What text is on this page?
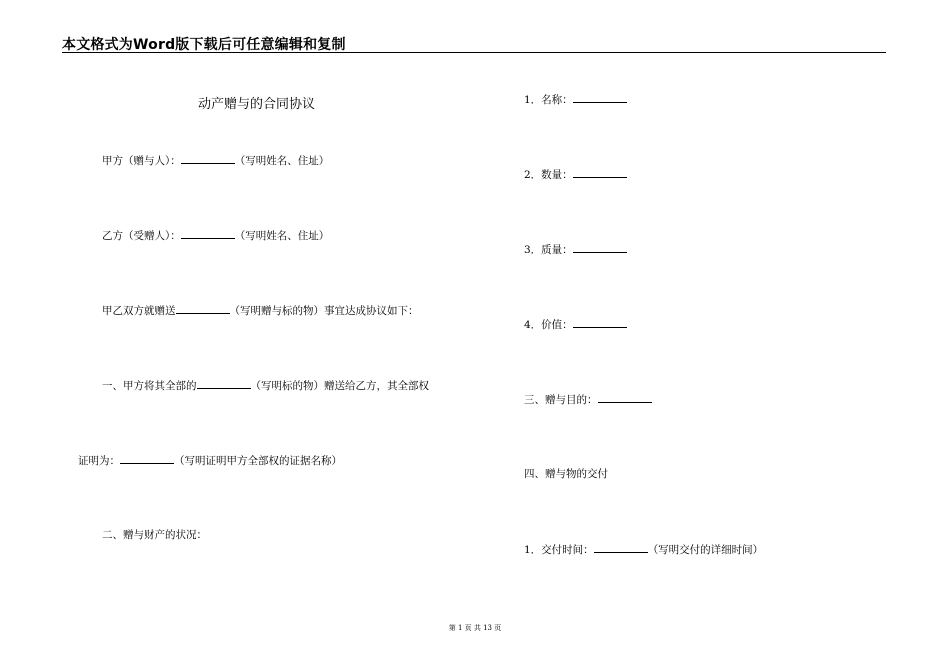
本文格式为Word版下载后可任意编辑和复制
动产赠与的合同协议
甲方（赠与人）：	（写明姓名、住址）
乙方（受赠人）：	（写明姓名、住址）
甲乙双方就赠送	（写明赠与标的物）事宜达成协议如下：
一、甲方将其全部的	（写明标的物）赠送给乙方，其全部权
证明为：	（写明证明甲方全部权的证据名称）
二、赠与财产的状况：
1．名称：
2．数量：
3．质量：
4．价值：
三、赠与目的：
四、赠与物的交付
1．交付时间：	（写明交付的详细时间）
第 1 页 共 13 页
